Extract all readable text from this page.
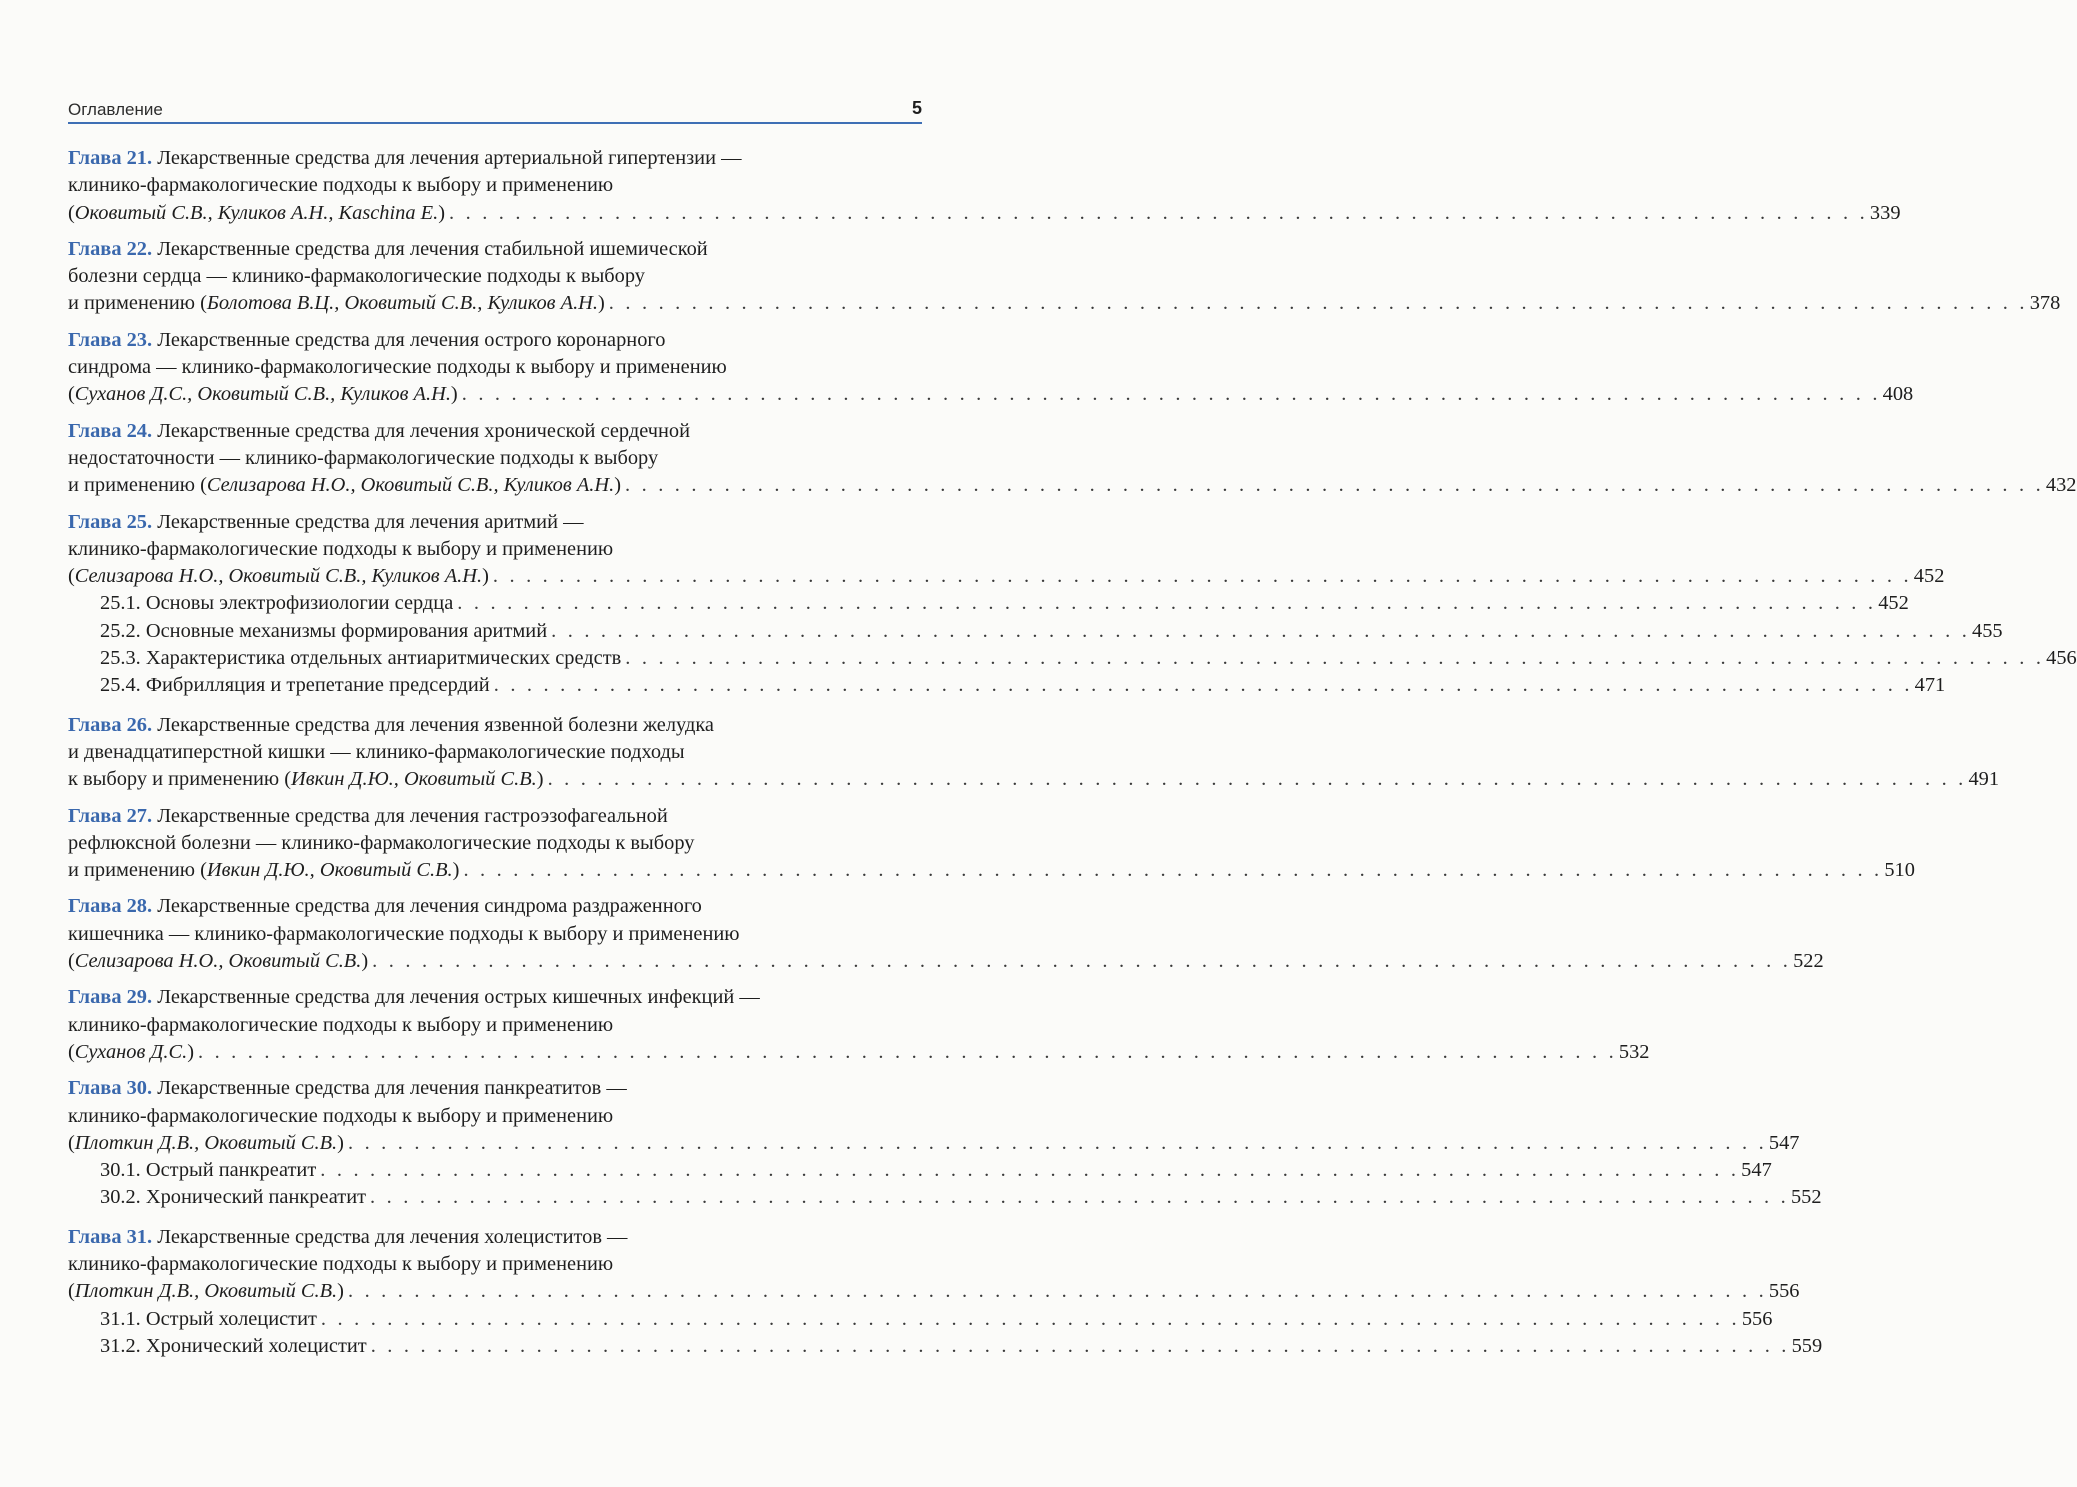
Оглавление	5
Глава 21. Лекарственные средства для лечения артериальной гипертензии —
клинико-фармакологические подходы к выбору и применению
(Оковитый С.В., Куликов А.Н., Kaschina E.) . . . . . . . . . . . . . . . . . . . . . . . . . . . . . . . . . . . . . . . . . . . . . . . . . . . . . . . . . . . . . . . . . . . . . . . . . . . . . . . . . . . . . . 339
Глава 22. Лекарственные средства для лечения стабильной ишемической
болезни сердца — клинико-фармакологические подходы к выбору
и применению (Болотова В.Ц., Оковитый С.В., Куликов А.Н.) . . . . . . . . . . . . . . . . . . . . . . . . . . . . . . . . . . . . . . . . . . . . . . . . . . . . . . . . . . . . . . . . . . . . . . . . . . . . . . . . . . . . . . 378
Глава 23. Лекарственные средства для лечения острого коронарного
синдрома — клинико-фармакологические подходы к выбору и применению
(Суханов Д.С., Оковитый С.В., Куликов А.Н.) . . . . . . . . . . . . . . . . . . . . . . . . . . . . . . . . . . . . . . . . . . . . . . . . . . . . . . . . . . . . . . . . . . . . . . . . . . . . . . . . . . . . . . 408
Глава 24. Лекарственные средства для лечения хронической сердечной
недостаточности — клинико-фармакологические подходы к выбору
и применению (Селизарова Н.О., Оковитый С.В., Куликов А.Н.) . . . . . . . . . . . . . . . . . . . . . . . . . . . . . . . . . . . . . . . . . . . . . . . . . . . . . . . . . . . . . . . . . . . . . . . . . . . . . . . . . . . . . . 432
Глава 25. Лекарственные средства для лечения аритмий —
клинико-фармакологические подходы к выбору и применению
(Селизарова Н.О., Оковитый С.В., Куликов А.Н.) . . . . . . . . . . . . . . . . . . . . . . . . . . . . . . . . . . . . . . . . . . . . . . . . . . . . . . . . . . . . . . . . . . . . . . . . . . . . . . . . . . . . . . 452
25.1. Основы электрофизиологии сердца . . . . . . . . . . . . . . . . . . . . . . . . . . . . . . . . . . . . . . . . . . . . . . . . . . . . . . . . . . . . . . . . . . . . . . . . . . . . . . . . . . . . . . 452
25.2. Основные механизмы формирования аритмий . . . . . . . . . . . . . . . . . . . . . . . . . . . . . . . . . . . . . . . . . . . . . . . . . . . . . . . . . . . . . . . . . . . . . . . . . . . . . . . . . . . . . . 455
25.3. Характеристика отдельных антиаритмических средств . . . . . . . . . . . . . . . . . . . . . . . . . . . . . . . . . . . . . . . . . . . . . . . . . . . . . . . . . . . . . . . . . . . . . . . . . . . . . . . . . . . . . . 456
25.4. Фибрилляция и трепетание предсердий . . . . . . . . . . . . . . . . . . . . . . . . . . . . . . . . . . . . . . . . . . . . . . . . . . . . . . . . . . . . . . . . . . . . . . . . . . . . . . . . . . . . . . 471
Глава 26. Лекарственные средства для лечения язвенной болезни желудка
и двенадцатиперстной кишки — клинико-фармакологические подходы
к выбору и применению (Ивкин Д.Ю., Оковитый С.В.) . . . . . . . . . . . . . . . . . . . . . . . . . . . . . . . . . . . . . . . . . . . . . . . . . . . . . . . . . . . . . . . . . . . . . . . . . . . . . . . . . . . . . . 491
Глава 27. Лекарственные средства для лечения гастроэзофагеальной
рефлюксной болезни — клинико-фармакологические подходы к выбору
и применению (Ивкин Д.Ю., Оковитый С.В.) . . . . . . . . . . . . . . . . . . . . . . . . . . . . . . . . . . . . . . . . . . . . . . . . . . . . . . . . . . . . . . . . . . . . . . . . . . . . . . . . . . . . . . 510
Глава 28. Лекарственные средства для лечения синдрома раздраженного
кишечника — клинико-фармакологические подходы к выбору и применению
(Селизарова Н.О., Оковитый С.В.) . . . . . . . . . . . . . . . . . . . . . . . . . . . . . . . . . . . . . . . . . . . . . . . . . . . . . . . . . . . . . . . . . . . . . . . . . . . . . . . . . . . . . . 522
Глава 29. Лекарственные средства для лечения острых кишечных инфекций —
клинико-фармакологические подходы к выбору и применению
(Суханов Д.С.) . . . . . . . . . . . . . . . . . . . . . . . . . . . . . . . . . . . . . . . . . . . . . . . . . . . . . . . . . . . . . . . . . . . . . . . . . . . . . . . . . . . . . . 532
Глава 30. Лекарственные средства для лечения панкреатитов —
клинико-фармакологические подходы к выбору и применению
(Плоткин Д.В., Оковитый С.В.) . . . . . . . . . . . . . . . . . . . . . . . . . . . . . . . . . . . . . . . . . . . . . . . . . . . . . . . . . . . . . . . . . . . . . . . . . . . . . . . . . . . . . . 547
30.1. Острый панкреатит . . . . . . . . . . . . . . . . . . . . . . . . . . . . . . . . . . . . . . . . . . . . . . . . . . . . . . . . . . . . . . . . . . . . . . . . . . . . . . . . . . . . . . 547
30.2. Хронический панкреатит . . . . . . . . . . . . . . . . . . . . . . . . . . . . . . . . . . . . . . . . . . . . . . . . . . . . . . . . . . . . . . . . . . . . . . . . . . . . . . . . . . . . . . 552
Глава 31. Лекарственные средства для лечения холециститов —
клинико-фармакологические подходы к выбору и применению
(Плоткин Д.В., Оковитый С.В.) . . . . . . . . . . . . . . . . . . . . . . . . . . . . . . . . . . . . . . . . . . . . . . . . . . . . . . . . . . . . . . . . . . . . . . . . . . . . . . . . . . . . . . 556
31.1. Острый холецистит . . . . . . . . . . . . . . . . . . . . . . . . . . . . . . . . . . . . . . . . . . . . . . . . . . . . . . . . . . . . . . . . . . . . . . . . . . . . . . . . . . . . . . 556
31.2. Хронический холецистит . . . . . . . . . . . . . . . . . . . . . . . . . . . . . . . . . . . . . . . . . . . . . . . . . . . . . . . . . . . . . . . . . . . . . . . . . . . . . . . . . . . . . . 559
